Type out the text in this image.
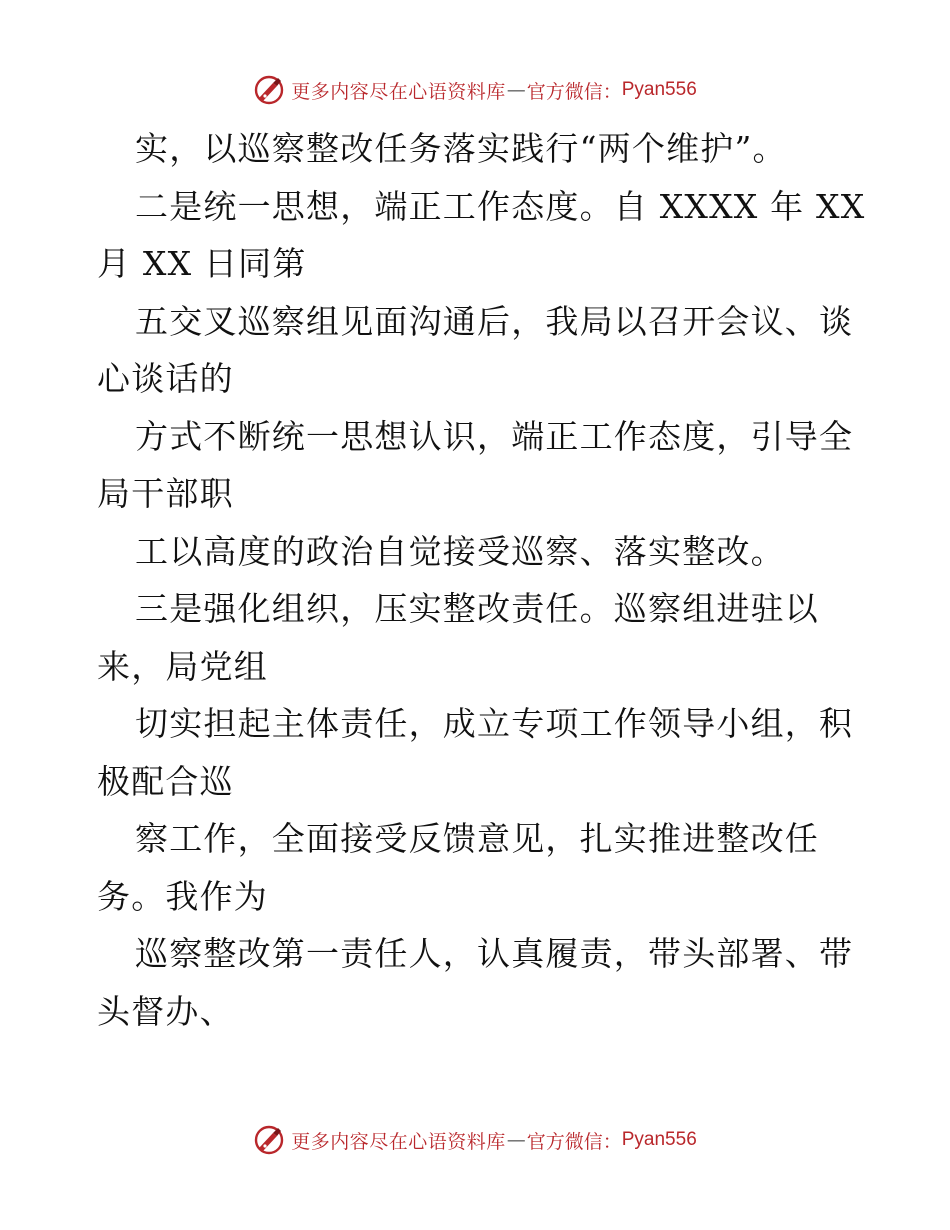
更多内容尽在心语资料库 — 官方微信： Pyan556
实，以巡察整改任务落实践行“两个维护”。
二是统一思想，端正工作态度。自 XXXX 年 XX
月 XX 日同第
五交叉巡察组见面沟通后，我局以召开会议、谈
心谈话的
方式不断统一思想认识，端正工作态度，引导全
局干部职
工以高度的政治自觉接受巡察、落实整改。
三是强化组织，压实整改责任。巡察组进驻以
来，局党组
切实担起主体责任，成立专项工作领导小组，积
极配合巡
察工作，全面接受反馈意见，扎实推进整改任
务。我作为
巡察整改第一责任人，认真履责，带头部署、带
头督办、
更多内容尽在心语资料库 — 官方微信： Pyan556
